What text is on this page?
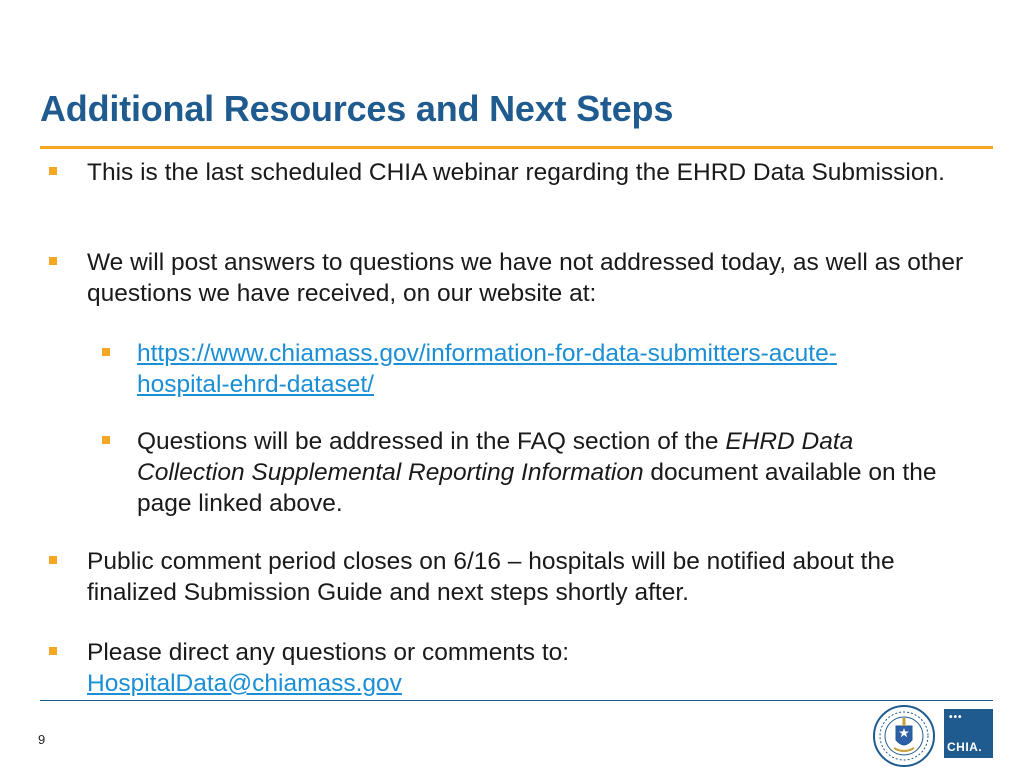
Additional Resources and Next Steps
This is the last scheduled CHIA webinar regarding the EHRD Data Submission.
We will post answers to questions we have not addressed today, as well as other questions we have received, on our website at:
https://www.chiamass.gov/information-for-data-submitters-acute-hospital-ehrd-dataset/
Questions will be addressed in the FAQ section of the EHRD Data Collection Supplemental Reporting Information document available on the page linked above.
Public comment period closes on 6/16 – hospitals will be notified about the finalized Submission Guide and next steps shortly after.
Please direct any questions or comments to: HospitalData@chiamass.gov
9
•••
CHIA.
